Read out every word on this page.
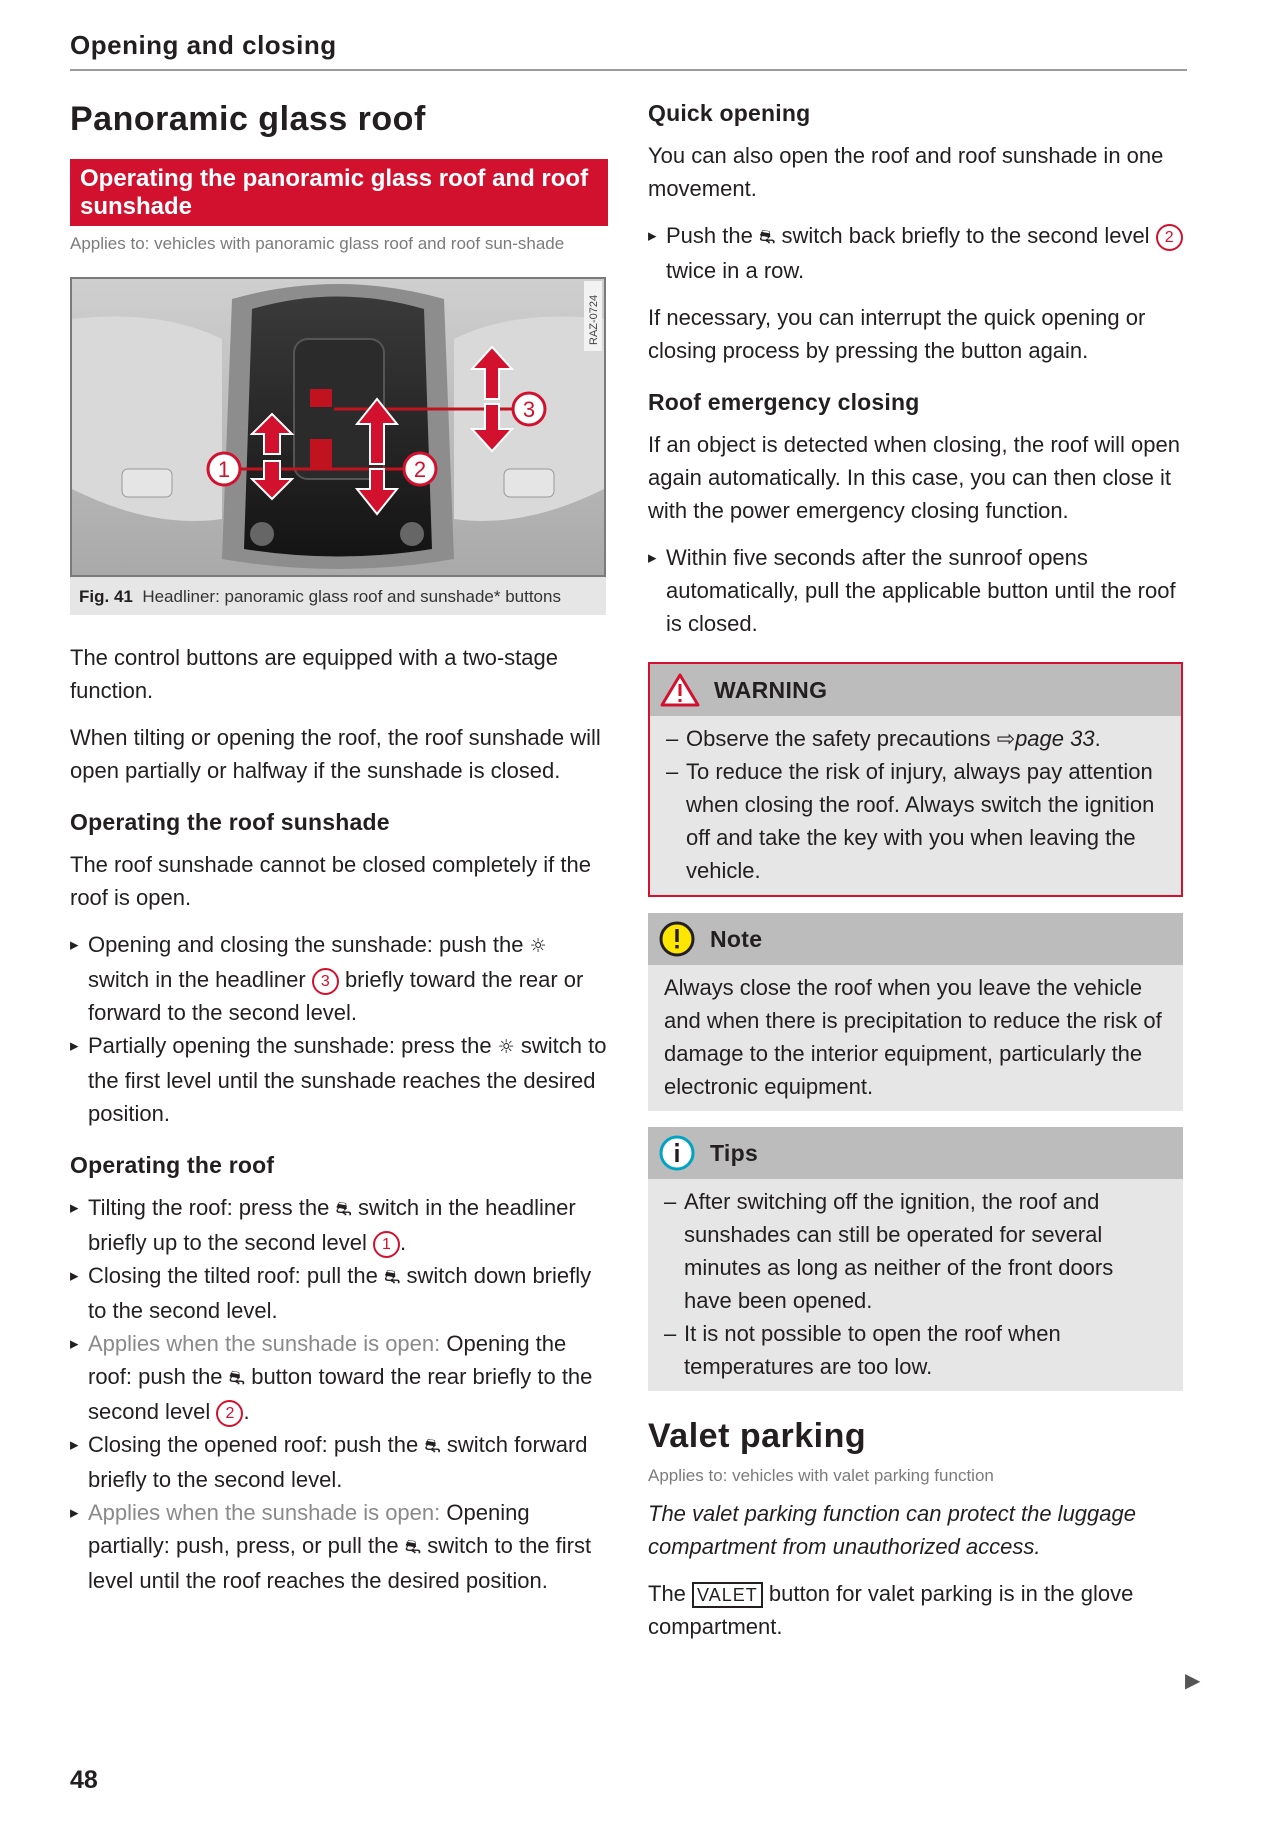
Opening and closing
Panoramic glass roof
Operating the panoramic glass roof and roof sunshade
Applies to: vehicles with panoramic glass roof and roof sun-shade
1	2
3
RAZ-0724
Fig. 41 Headliner: panoramic glass roof and sunshade* buttons

The control buttons are equipped with a two-stage function.

When tilting or opening the roof, the roof sunshade will open partially or halfway if the sunshade is closed.

Operating the roof sunshade

The roof sunshade cannot be closed completely if the roof is open.

▸ Opening and closing the sunshade: push the ☼ switch in the headliner 3 briefly toward the rear or forward to the second level.

▸ Partially opening the sunshade: press the ☼ switch to the first level until the sunshade reaches the desired position.

Operating the roof

▸ Tilting the roof: press the ⛐ switch in the headliner briefly up to the second level 1 .

▸ Closing the tilted roof: pull the ⛐ switch down briefly to the second level.

▸ Applies when the sunshade is open: Opening the roof: push the ⛐ button toward the rear briefly to the second level 2 .

▸ Closing the opened roof: push the ⛐ switch forward briefly to the second level.

▸ Applies when the sunshade is open: Opening partially: push, press, or pull the ⛐ switch to the first level until the roof reaches the desired position.

Quick opening

You can also open the roof and roof sunshade in one movement.

▸ Push the ⛐ switch back briefly to the second level 2 twice in a row.

If necessary, you can interrupt the quick opening or closing process by pressing the button again.

Roof emergency closing

If an object is detected when closing, the roof will open again automatically. In this case, you can then close it with the power emergency closing function.

▸ Within five seconds after the sunroof opens automatically, pull the applicable button until the roof is closed.

WARNING
– Observe the safety precautions ⇨page 33.
– To reduce the risk of injury, always pay attention when closing the roof. Always switch the ignition off and take the key with you when leaving the vehicle.
Note
Always close the roof when you leave the vehicle and when there is precipitation to reduce the risk of damage to the interior equipment, particularly the electronic equipment.
Tips
– After switching off the ignition, the roof and sunshades can still be operated for several minutes as long as neither of the front doors have been opened.
– It is not possible to open the roof when temperatures are too low.
Valet parking
Applies to: vehicles with valet parking function

The valet parking function can protect the luggage compartment from unauthorized access.

The VALET button for valet parking is in the glove compartment.

▶
48
